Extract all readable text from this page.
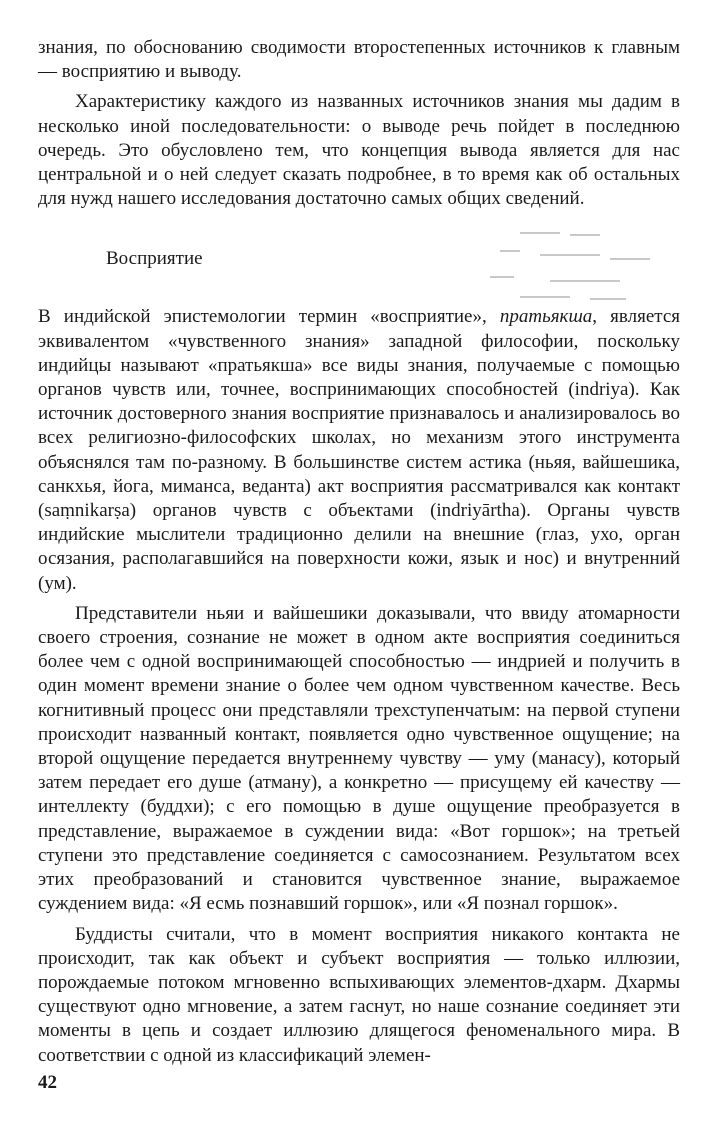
знания, по обоснованию сводимости второстепенных источников к главным — восприятию и выводу.

Характеристику каждого из названных источников знания мы дадим в несколько иной последовательности: о выводе речь пойдет в последнюю очередь. Это обусловлено тем, что концепция вывода является для нас центральной и о ней следует сказать подробнее, в то время как об остальных для нужд нашего исследования достаточно самых общих сведений.

Восприятие

В индийской эпистемологии термин «восприятие», пратьякша, является эквивалентом «чувственного знания» западной философии, поскольку индийцы называют «пратьякша» все виды знания, получаемые с помощью органов чувств или, точнее, воспринимающих способностей (indriya). Как источник достоверного знания восприятие признавалось и анализировалось во всех религиозно-философских школах, но механизм этого инструмента объяснялся там по-разному. В большинстве систем астика (ньяя, вайшешика, санкхья, йога, миманса, веданта) акт восприятия рассматривался как контакт (saṃnikarṣa) органов чувств с объектами (indriyārtha). Органы чувств индийские мыслители традиционно делили на внешние (глаз, ухо, орган осязания, располагавшийся на поверхности кожи, язык и нос) и внутренний (ум).

Представители ньяи и вайшешики доказывали, что ввиду атомарности своего строения, сознание не может в одном акте восприятия соединиться более чем с одной воспринимающей способностью — индрией и получить в один момент времени знание о более чем одном чувственном качестве. Весь когнитивный процесс они представляли трехступенчатым: на первой ступени происходит названный контакт, появляется одно чувственное ощущение; на второй ощущение передается внутреннему чувству — уму (манасу), который затем передает его душе (атману), а конкретно — присущему ей качеству — интеллекту (буддхи); с его помощью в душе ощущение преобразуется в представление, выражаемое в суждении вида: «Вот горшок»; на третьей ступени это представление соединяется с самосознанием. Результатом всех этих преобразований и становится чувственное знание, выражаемое суждением вида: «Я есмь познавший горшок», или «Я познал горшок».

Буддисты считали, что в момент восприятия никакого контакта не происходит, так как объект и субъект восприятия — только иллюзии, порождаемые потоком мгновенно вспыхивающих элементов-дхарм. Дхармы существуют одно мгновение, а затем гаснут, но наше сознание соединяет эти моменты в цепь и создает иллюзию длящегося феноменального мира. В соответствии с одной из классификаций элемен-

42
